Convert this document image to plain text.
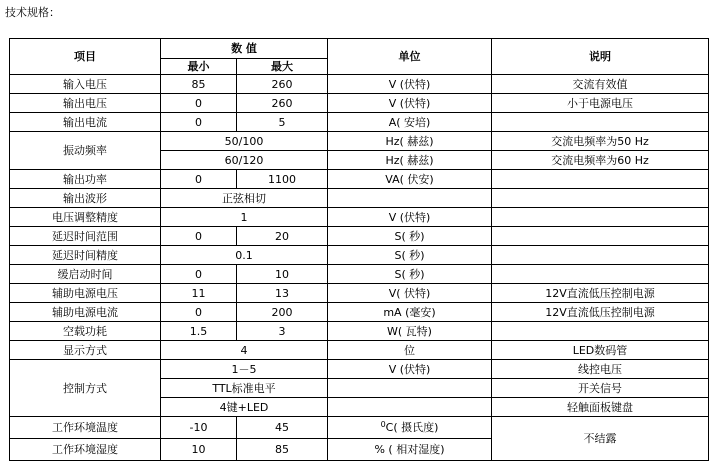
技术规格：
项目	数 值		单位	说明
	最小	最大		
输入电压	85	260	V (伏特)	交流有效值
输出电压	0	260	V (伏特)	小于电源电压
输出电流	0	5	A( 安培)	
振动频率	50/100		Hz( 赫兹)	交流电频率为50 Hz
	60/120		Hz( 赫兹)	交流电频率为60 Hz
输出功率	0	1100	VA( 伏安)	
输出波形	正弦相切			
电压调整精度	1		V (伏特)	
延迟时间范围	0	20	S( 秒)	
延迟时间精度	0.1		S( 秒)	
缓启动时间	0	10	S( 秒)	
辅助电源电压	11	13	V( 伏特)	12V直流低压控制电源
辅助电源电流	0	200	mA (毫安)	12V直流低压控制电源
空载功耗	1.5	3	W( 瓦特)	
显示方式	4		位	LED数码管
控制方式	1－5		V (伏特)	线控电压
	TTL标准电平			开关信号
	4键+LED			轻触面板键盘
工作环境温度	-10	45	$^0$C( 摄氏度)	不结露
工作环境湿度	10	85	% ( 相对湿度)	
